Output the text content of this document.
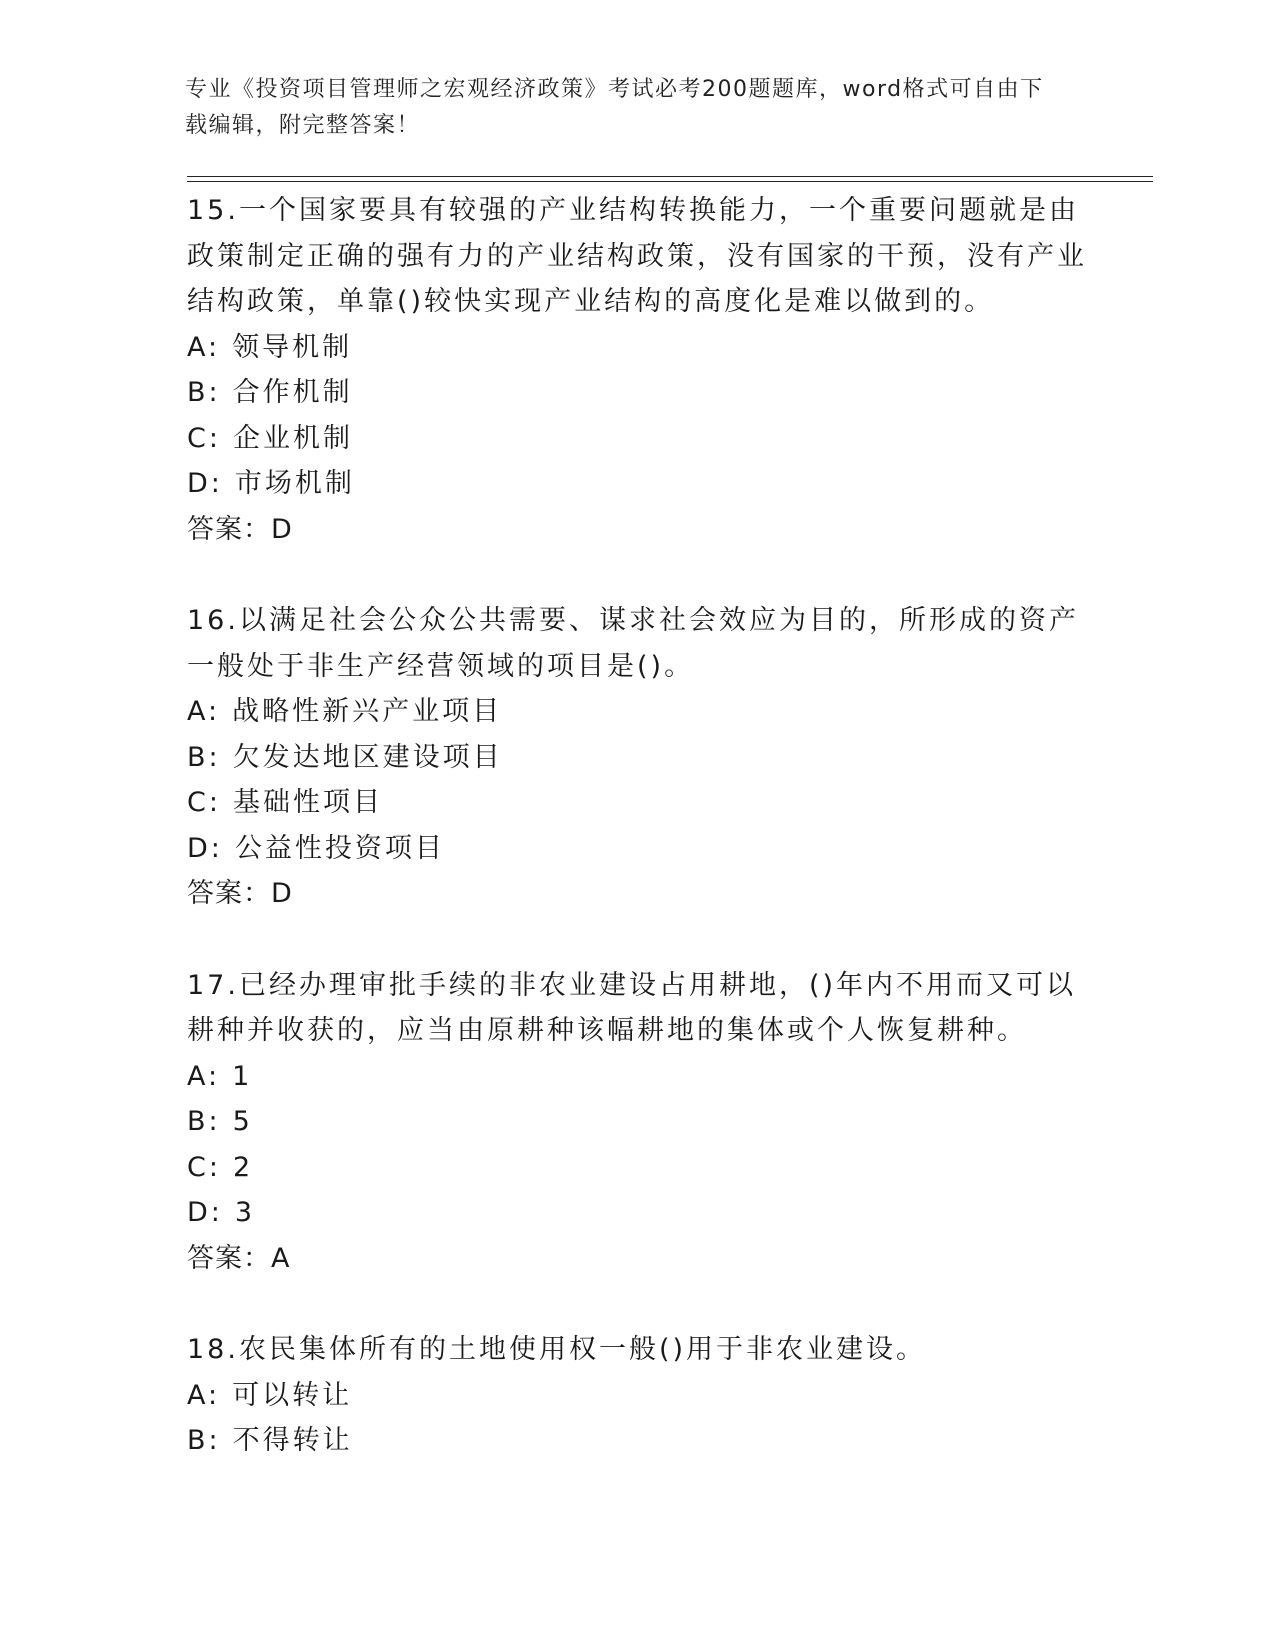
专业《投资项目管理师之宏观经济政策》考试必考200题题库，word格式可自由下载编辑，附完整答案！

15.一个国家要具有较强的产业结构转换能力，一个重要问题就是由政策制定正确的强有力的产业结构政策，没有国家的干预，没有产业结构政策，单靠()较快实现产业结构的高度化是难以做到的。

A: 领导机制

B: 合作机制

C: 企业机制

D: 市场机制

答案：D

16.以满足社会公众公共需要、谋求社会效应为目的，所形成的资产一般处于非生产经营领域的项目是()。

A: 战略性新兴产业项目

B: 欠发达地区建设项目

C: 基础性项目

D: 公益性投资项目

答案：D

17.已经办理审批手续的非农业建设占用耕地，()年内不用而又可以耕种并收获的，应当由原耕种该幅耕地的集体或个人恢复耕种。

A: 1

B: 5

C: 2

D: 3

答案：A

18.农民集体所有的土地使用权一般()用于非农业建设。

A: 可以转让

B: 不得转让
